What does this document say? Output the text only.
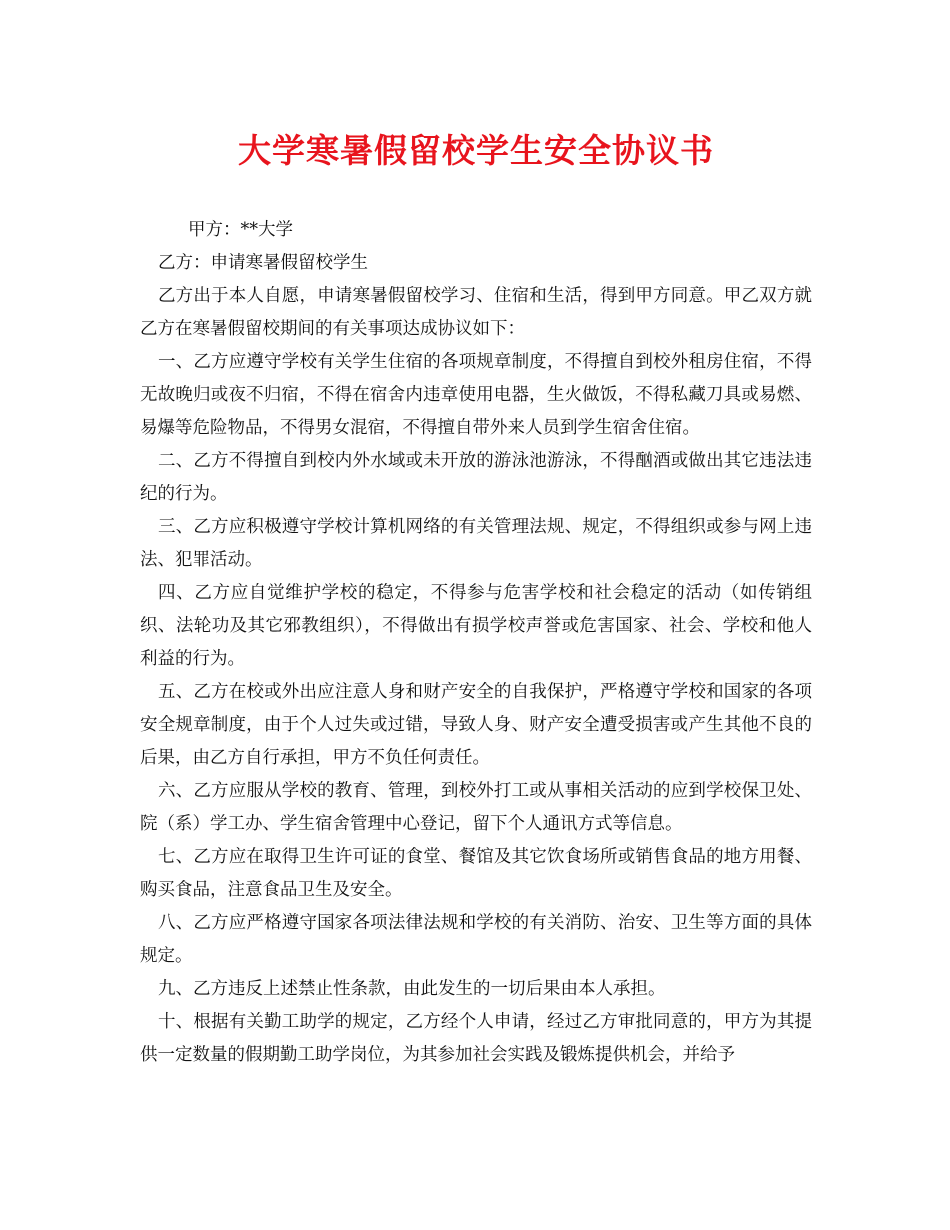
大学寒暑假留校学生安全协议书

甲方：**大学

乙方：申请寒暑假留校学生

乙方出于本人自愿，申请寒暑假留校学习、住宿和生活，得到甲方同意。甲乙双方就乙方在寒暑假留校期间的有关事项达成协议如下：

一、乙方应遵守学校有关学生住宿的各项规章制度，不得擅自到校外租房住宿，不得无故晚归或夜不归宿，不得在宿舍内违章使用电器，生火做饭，不得私藏刀具或易燃、易爆等危险物品，不得男女混宿，不得擅自带外来人员到学生宿舍住宿。

二、乙方不得擅自到校内外水域或未开放的游泳池游泳，不得酗酒或做出其它违法违纪的行为。

三、乙方应积极遵守学校计算机网络的有关管理法规、规定，不得组织或参与网上违法、犯罪活动。

四、乙方应自觉维护学校的稳定，不得参与危害学校和社会稳定的活动（如传销组织、法轮功及其它邪教组织），不得做出有损学校声誉或危害国家、社会、学校和他人利益的行为。

五、乙方在校或外出应注意人身和财产安全的自我保护，严格遵守学校和国家的各项安全规章制度，由于个人过失或过错，导致人身、财产安全遭受损害或产生其他不良的后果，由乙方自行承担，甲方不负任何责任。

六、乙方应服从学校的教育、管理，到校外打工或从事相关活动的应到学校保卫处、院（系）学工办、学生宿舍管理中心登记，留下个人通讯方式等信息。

七、乙方应在取得卫生许可证的食堂、餐馆及其它饮食场所或销售食品的地方用餐、购买食品，注意食品卫生及安全。

八、乙方应严格遵守国家各项法律法规和学校的有关消防、治安、卫生等方面的具体规定。

九、乙方违反上述禁止性条款，由此发生的一切后果由本人承担。

十、根据有关勤工助学的规定，乙方经个人申请，经过乙方审批同意的，甲方为其提供一定数量的假期勤工助学岗位，为其参加社会实践及锻炼提供机会，并给予
